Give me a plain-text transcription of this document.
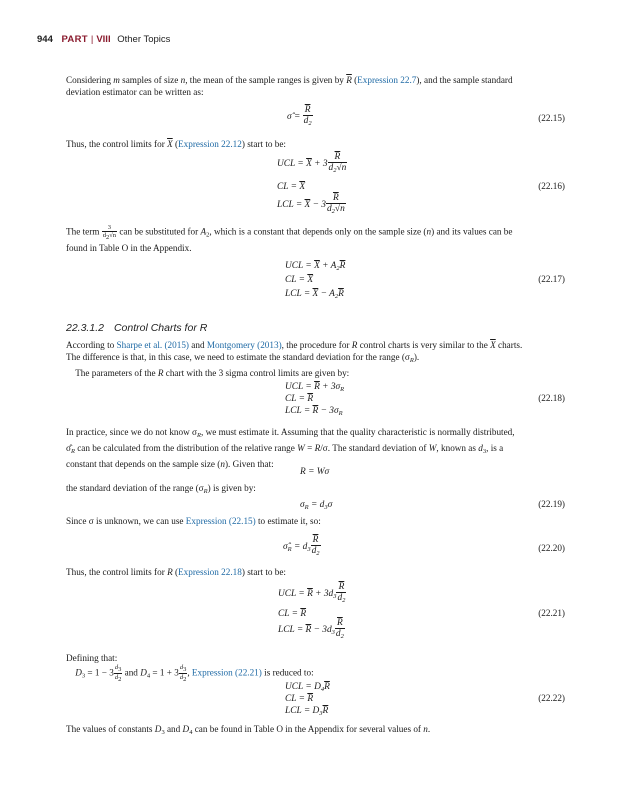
944 PART | VIII Other Topics
Considering m samples of size n, the mean of the sample ranges is given by $\overline{R}$ (Expression 22.7), and the sample standard
deviation estimator can be written as:
σ̂ = $\frac{\overline{R}}{d_2}$	(22.15)
Thus, the control limits for $\overline{X}$ (Expression 22.12) start to be:
UCL = $\overline{X} + 3 \frac{\overline{R}}{d_2√n}$
CL = $\overline{X}$
LCL = $\overline{X} - 3 \frac{\overline{R}}{d_2√n}$
(22.16)
The term $\frac{3}{d_2√n}$ can be substituted for $A_2$, which is a constant that depends only on the sample size (n) and its values can be
found in Table O in the Appendix.
UCL = $\overline{X} + A_2\overline{R}$
CL = $\overline{X}$
LCL = $\overline{X} - A_2\overline{R}$
(22.17)
22.3.1.2 Control Charts for R
According to Sharpe et al. (2015) and Montgomery (2013), the procedure for R control charts is very similar to the $\overline{X}$ charts.
The difference is that, in this case, we need to estimate the standard deviation for the range $(\sigma_R)$.
The parameters of the R chart with the 3 sigma control limits are given by:
UCL = $\overline{R} + 3\sigma_R$
CL = $\overline{R}$
LCL = $\overline{R} - 3\sigma_R$
(22.18)
In practice, since we do not know $\sigma_R$, we must estimate it. Assuming that the quality characteristic is normally distributed,
$\sigmâ_R$ can be calculated from the distribution of the relative range W = R/σ. The standard deviation of W, known as $d_3$, is a
constant that depends on the sample size (n). Given that:
R = Wσ
the standard deviation of the range $(\sigma_R)$ is given by:
$\sigma_R = d_3\sigma$	(22.19)
Since σ is unknown, we can use Expression (22.15) to estimate it, so:
$\sigmâ_R = d_3 \frac{\overline{R}}{d_2}$	(22.20)
Thus, the control limits for R (Expression 22.18) start to be:
UCL = $\overline{R} + 3d_3 \frac{\overline{R}}{d_2}$
CL = $\overline{R}$
LCL = $\overline{R} - 3d_3 \frac{\overline{R}}{d_2}$
(22.21)
Defining that:
$D_3 = 1 - 3 \frac{d_3}{d_2}$ and $D_4 = 1 + 3 \frac{d_3}{d_2}$ , Expression (22.21) is reduced to:
UCL = $D_4\overline{R}$
CL = $\overline{R}$
LCL = $D_3\overline{R}$
(22.22)
The values of constants $D_3$ and $D_4$ can be found in Table O in the Appendix for several values of n.
